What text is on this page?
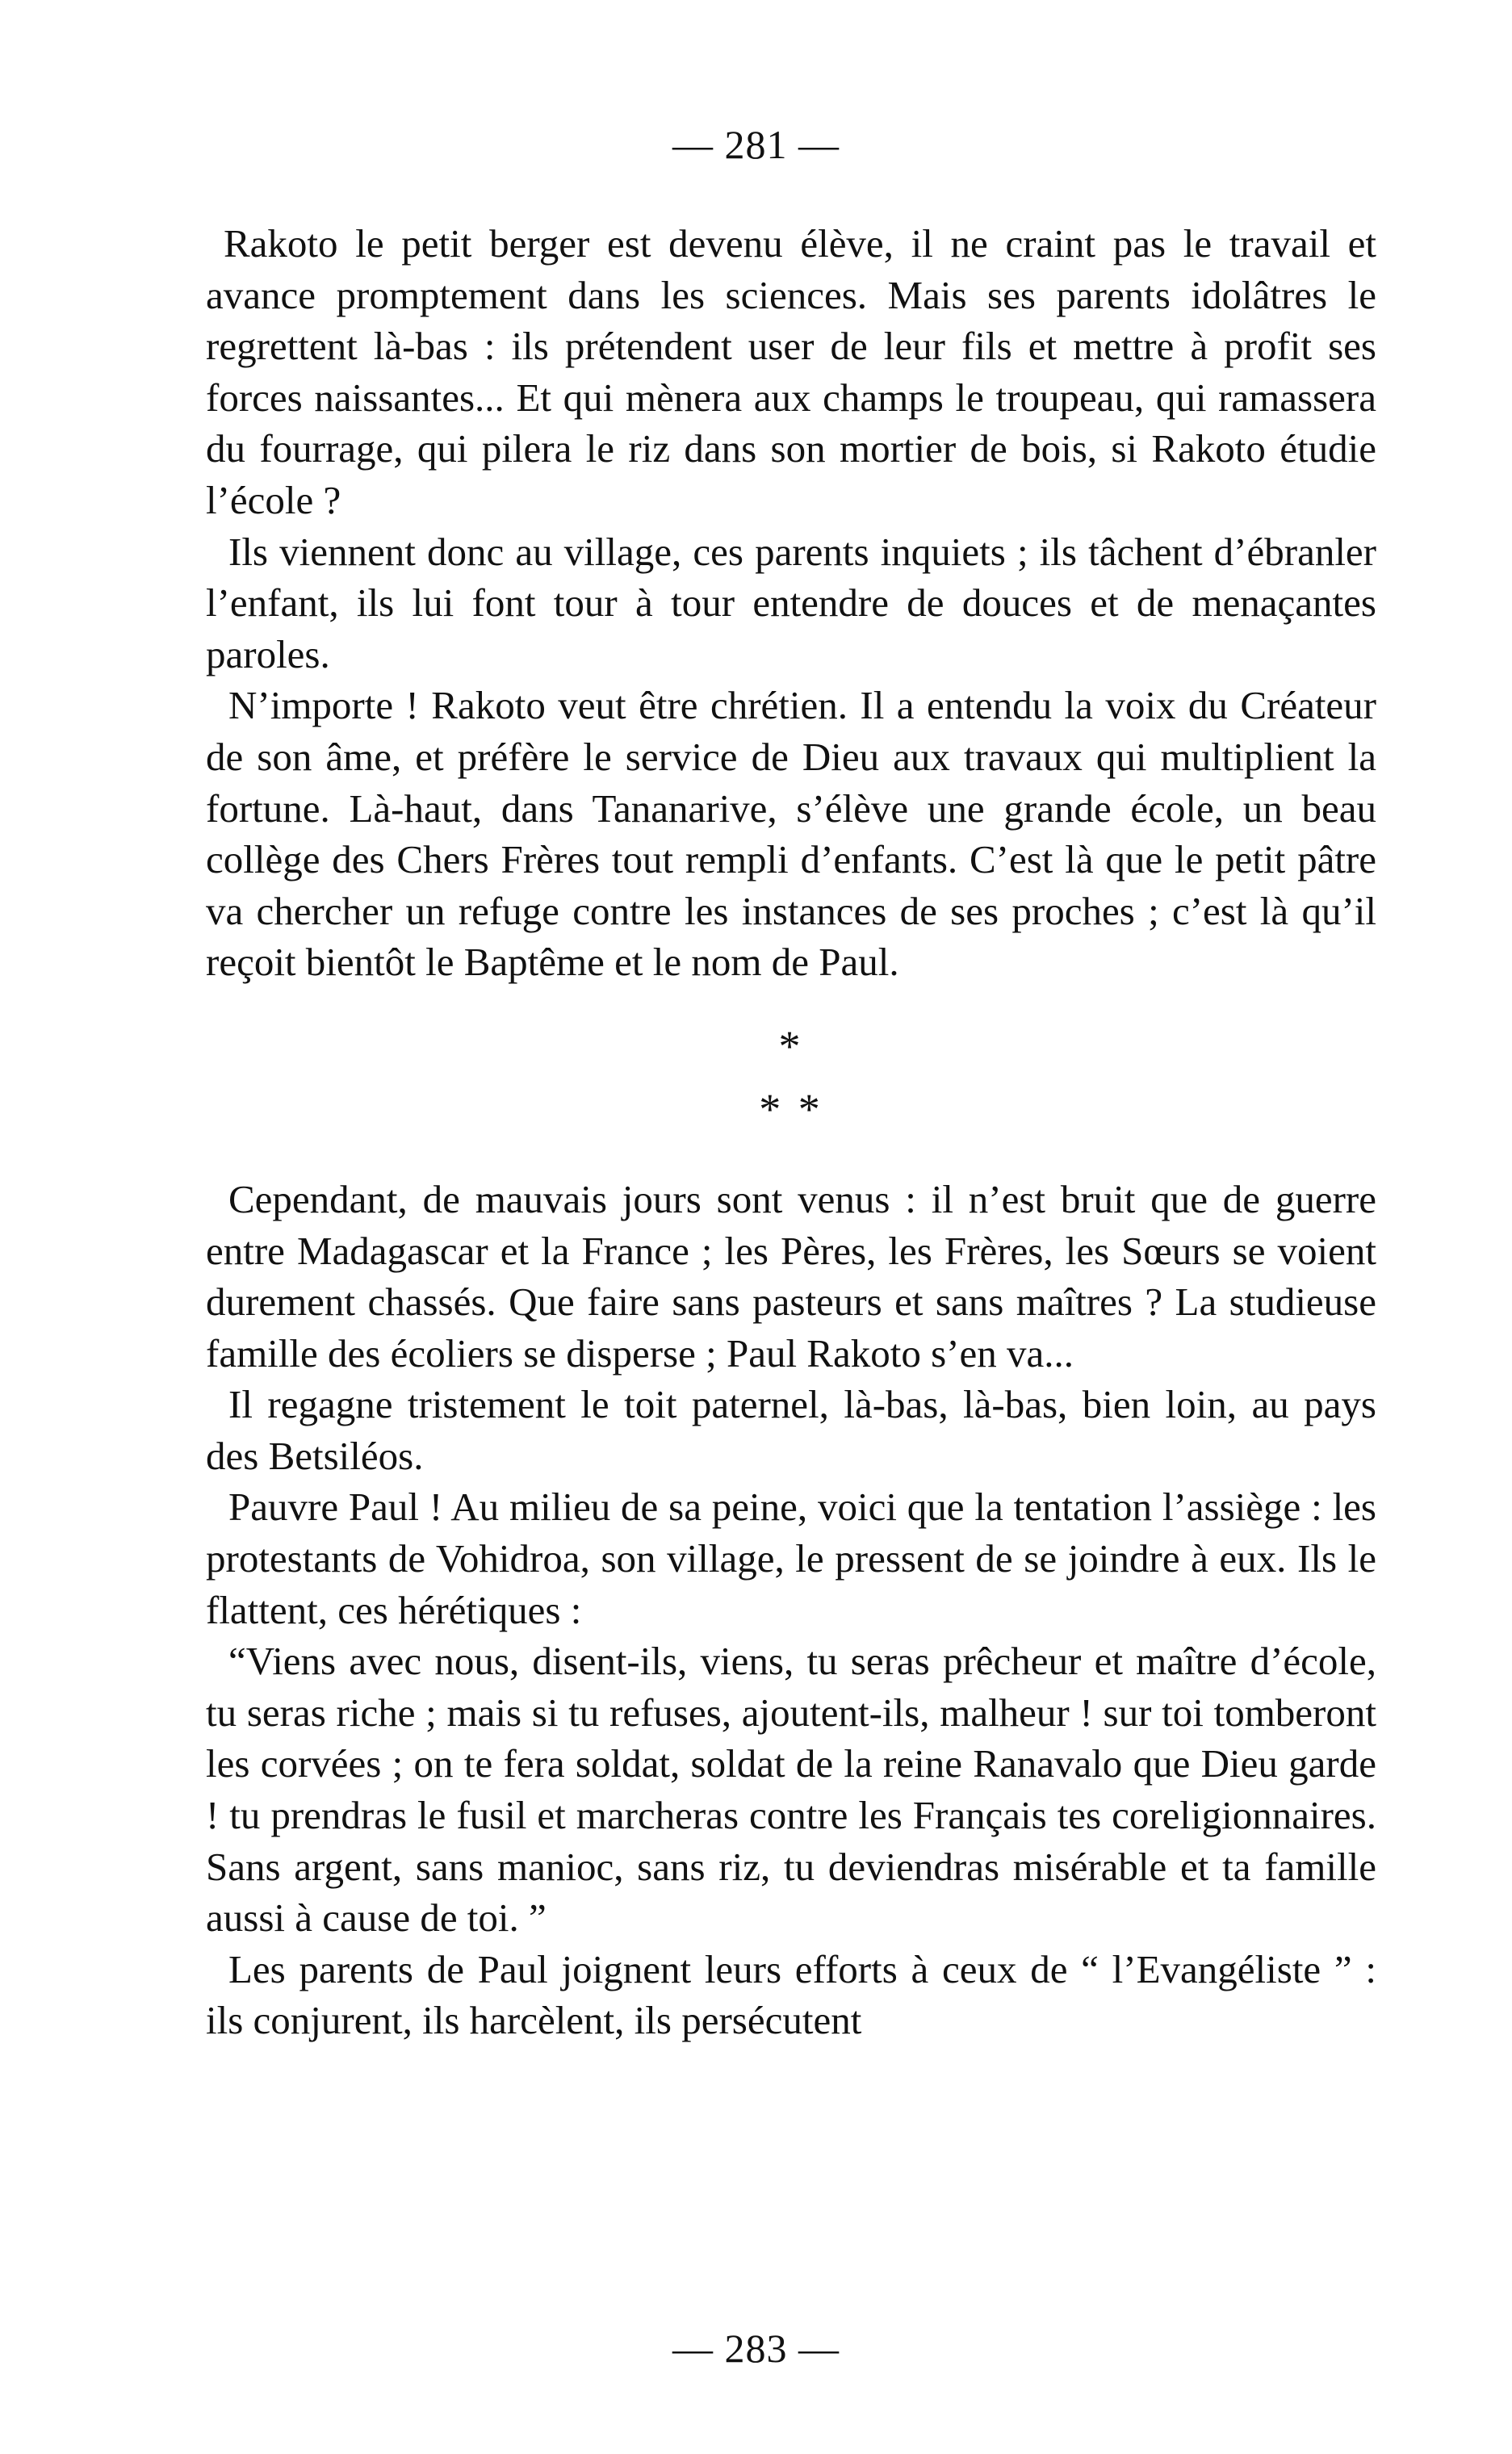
— 281 —

Rakoto le petit berger est devenu élève, il ne craint pas le travail et avance promptement dans les sciences. Mais ses parents idolâtres le regrettent là-bas : ils prétendent user de leur fils et mettre à profit ses forces naissantes... Et qui mènera aux champs le troupeau, qui ramassera du fourrage, qui pilera le riz dans son mortier de bois, si Rakoto étudie l’école ?

Ils viennent donc au village, ces parents inquiets ; ils tâchent d’ébranler l’enfant, ils lui font tour à tour entendre de douces et de menaçantes paroles.

N’importe ! Rakoto veut être chrétien. Il a entendu la voix du Créateur de son âme, et préfère le service de Dieu aux travaux qui multiplient la fortune. Là-haut, dans Tananarive, s’élève une grande école, un beau collège des Chers Frères tout rempli d’enfants. C’est là que le petit pâtre va chercher un refuge contre les instances de ses proches ; c’est là qu’il reçoit bientôt le Baptême et le nom de Paul.

*
* *

Cependant, de mauvais jours sont venus : il n’est bruit que de guerre entre Madagascar et la France ; les Pères, les Frères, les Sœurs se voient durement chassés. Que faire sans pasteurs et sans maîtres ? La studieuse famille des écoliers se disperse ; Paul Rakoto s’en va...

Il regagne tristement le toit paternel, là-bas, là-bas, bien loin, au pays des Betsiléos.

Pauvre Paul ! Au milieu de sa peine, voici que la tentation l’assiège : les protestants de Vohidroa, son village, le pressent de se joindre à eux. Ils le flattent, ces hérétiques :

“Viens avec nous, disent-ils, viens, tu seras prêcheur et maître d’école, tu seras riche ; mais si tu refuses, ajoutent-ils, malheur ! sur toi tomberont les corvées ; on te fera soldat, soldat de la reine Ranavalo que Dieu garde ! tu prendras le fusil et marcheras contre les Français tes coreligionnaires. Sans argent, sans manioc, sans riz, tu deviendras misérable et ta famille aussi à cause de toi. ”

Les parents de Paul joignent leurs efforts à ceux de “ l’Evangéliste ” : ils conjurent, ils harcèlent, ils persécutent

— 283 —
